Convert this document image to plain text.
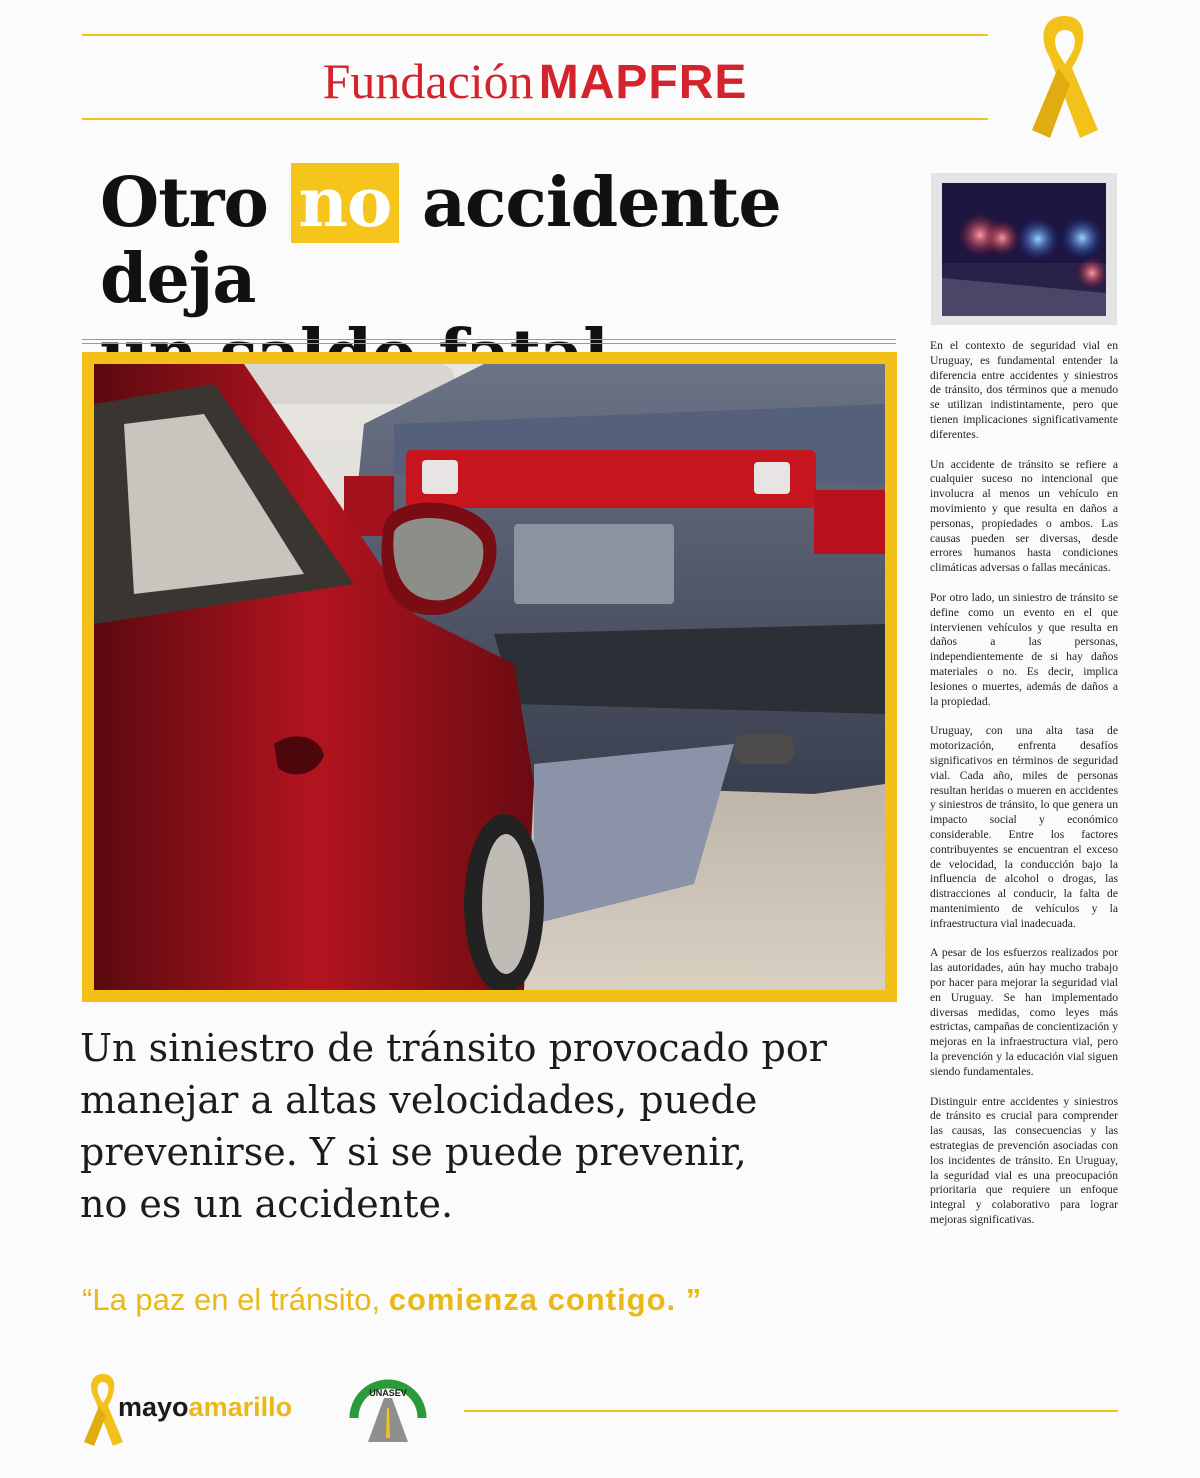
Fundación MAPFRE
Otro no accidente deja

En el contexto de seguridad vial en Uruguay, es fundamental entender la diferencia entre accidentes y siniestros de tránsito, dos términos que a menudo se utilizan indistintamente, pero que tienen implicaciones significativamente diferentes.

Un accidente de tránsito se refiere a cualquier suceso no intencional que involucra al menos un vehículo en movimiento y que resulta en daños a personas, propiedades o ambos. Las causas pueden ser diversas, desde errores humanos hasta condiciones climáticas adversas o fallas mecánicas.

Por otro lado, un siniestro de tránsito se define como un evento en el que intervienen vehículos y que resulta en daños a las personas, independientemente de si hay daños materiales o no. Es decir, implica lesiones o muertes, además de daños a la propiedad.

Uruguay, con una alta tasa de motorización, enfrenta desafíos significativos en términos de seguridad vial. Cada año, miles de personas resultan heridas o mueren en accidentes y siniestros de tránsito, lo que genera un impacto social y económico considerable. Entre los factores contribuyentes se encuentran el exceso de velocidad, la conducción bajo la influencia de alcohol o drogas, las distracciones al conducir, la falta de mantenimiento de vehículos y la infraestructura vial inadecuada.

A pesar de los esfuerzos realizados por las autoridades, aún hay mucho trabajo por hacer para mejorar la seguridad vial en Uruguay. Se han implementado diversas medidas, como leyes más estrictas, campañas de concientización y mejoras en la infraestructura vial, pero la prevención y la educación vial siguen siendo fundamentales.

Distinguir entre accidentes y siniestros de tránsito es crucial para comprender las causas, las consecuencias y las estrategias de prevención asociadas con los incidentes de tránsito. En Uruguay, la seguridad vial es una preocupación prioritaria que requiere un enfoque integral y colaborativo para lograr mejoras significativas.

Un siniestro de tránsito provocado por
manejar a altas velocidades, puede
prevenirse. Y si se puede prevenir,
no es un accidente.
“La paz en el tránsito, comienza contigo. ”
mayoamarillo	UNASEV
